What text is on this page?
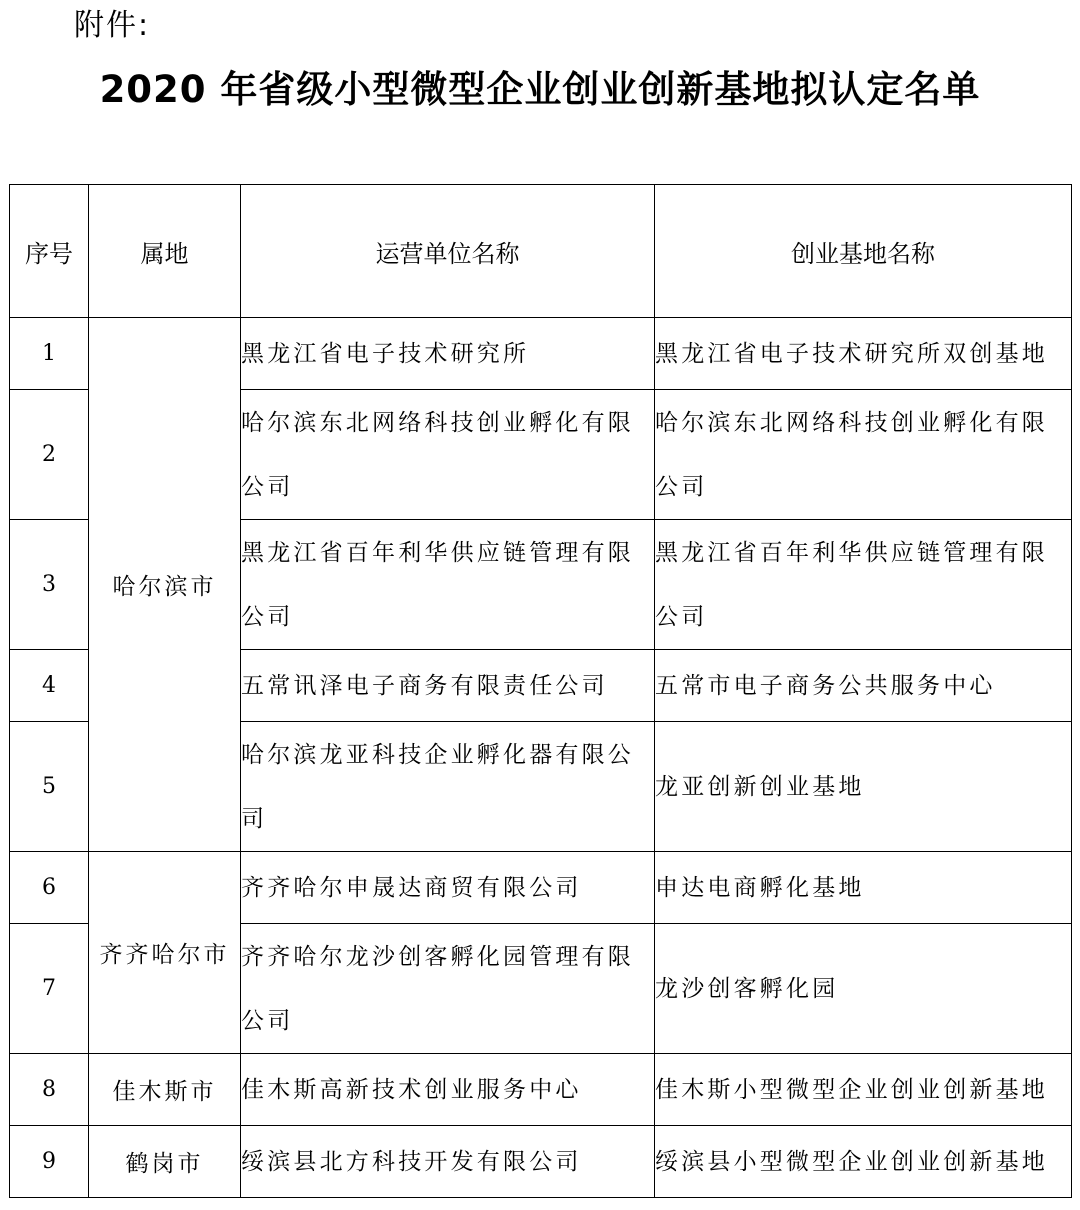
附件:
2020 年省级小型微型企业创业创新基地拟认定名单
序号	属地	运营单位名称	创业基地名称
1	哈尔滨市	黑龙江省电子技术研究所	黑龙江省电子技术研究所双创基地
2		哈尔滨东北网络科技创业孵化有限公司	哈尔滨东北网络科技创业孵化有限公司
3		黑龙江省百年利华供应链管理有限公司	黑龙江省百年利华供应链管理有限公司
4		五常讯泽电子商务有限责任公司	五常市电子商务公共服务中心
5		哈尔滨龙亚科技企业孵化器有限公司	龙亚创新创业基地
6	齐齐哈尔市	齐齐哈尔申晟达商贸有限公司	申达电商孵化基地
7		齐齐哈尔龙沙创客孵化园管理有限公司	龙沙创客孵化园
8	佳木斯市	佳木斯高新技术创业服务中心	佳木斯小型微型企业创业创新基地
9	鹤岗市	绥滨县北方科技开发有限公司	绥滨县小型微型企业创业创新基地
